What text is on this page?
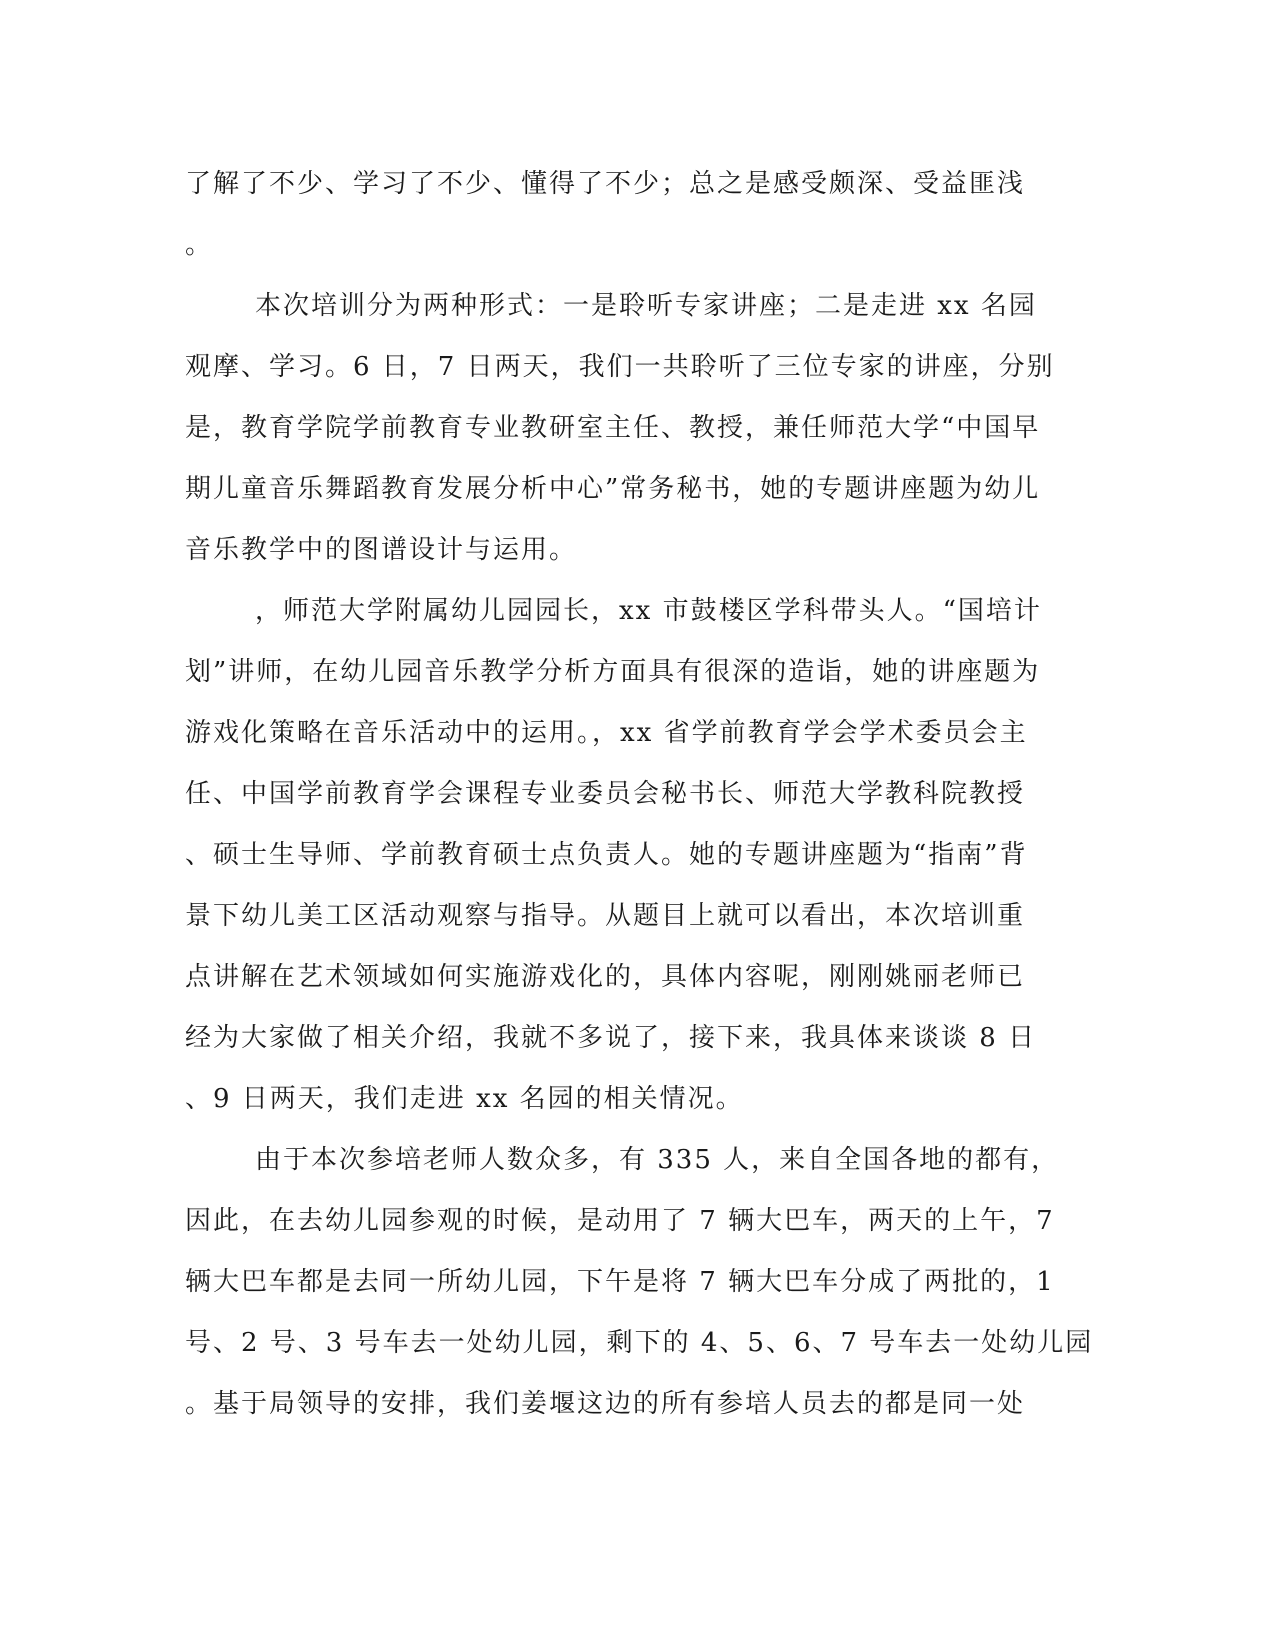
了解了不少、学习了不少、懂得了不少；总之是感受颇深、受益匪浅
。
本次培训分为两种形式：一是聆听专家讲座；二是走进 xx 名园
观摩、学习。6 日，7 日两天，我们一共聆听了三位专家的讲座，分别
是，教育学院学前教育专业教研室主任、教授，兼任师范大学“中国早
期儿童音乐舞蹈教育发展分析中心”常务秘书，她的专题讲座题为幼儿
音乐教学中的图谱设计与运用。
，师范大学附属幼儿园园长，xx 市鼓楼区学科带头人。“国培计
划”讲师，在幼儿园音乐教学分析方面具有很深的造诣，她的讲座题为
游戏化策略在音乐活动中的运用。，xx 省学前教育学会学术委员会主
任、中国学前教育学会课程专业委员会秘书长、师范大学教科院教授
、硕士生导师、学前教育硕士点负责人。她的专题讲座题为“指南”背
景下幼儿美工区活动观察与指导。从题目上就可以看出，本次培训重
点讲解在艺术领域如何实施游戏化的，具体内容呢，刚刚姚丽老师已
经为大家做了相关介绍，我就不多说了，接下来，我具体来谈谈 8 日
、9 日两天，我们走进 xx 名园的相关情况。
由于本次参培老师人数众多，有 335 人，来自全国各地的都有，
因此，在去幼儿园参观的时候，是动用了 7 辆大巴车，两天的上午，7
辆大巴车都是去同一所幼儿园，下午是将 7 辆大巴车分成了两批的，1
号、2 号、3 号车去一处幼儿园，剩下的 4、5、6、7 号车去一处幼儿园
。基于局领导的安排，我们姜堰这边的所有参培人员去的都是同一处
